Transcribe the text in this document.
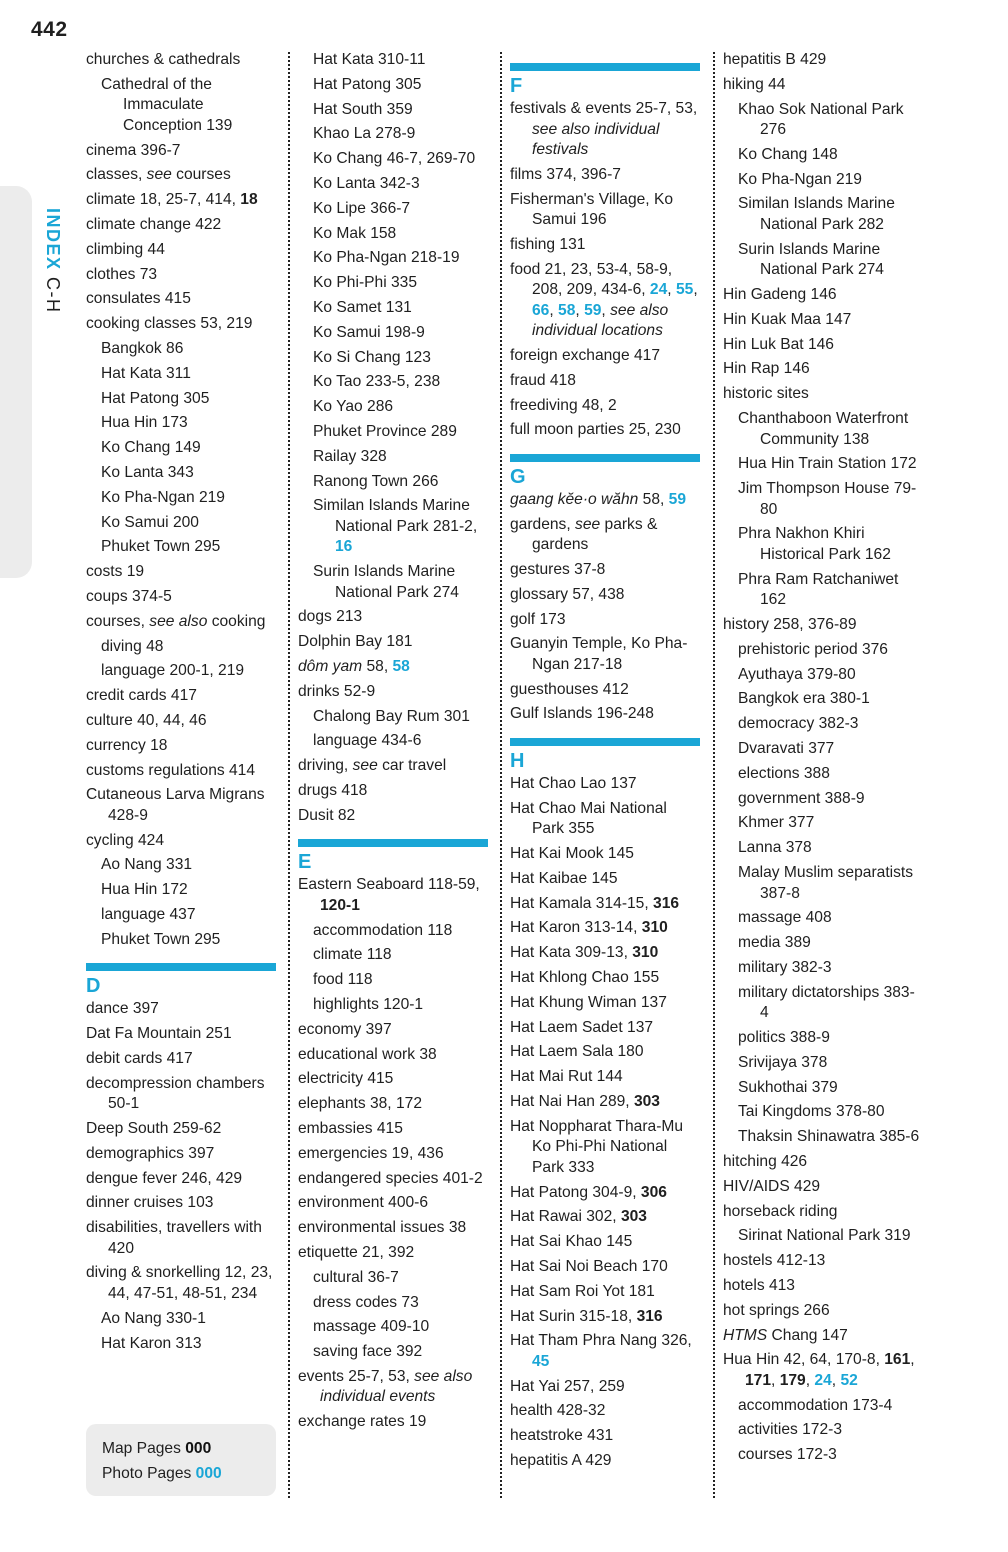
442
INDEX C-H
churches & cathedrals
Cathedral of the Immaculate Conception 139
cinema 396-7
classes, see courses
climate 18, 25-7, 414, 18
climate change 422
climbing 44
clothes 73
consulates 415
cooking classes 53, 219
Bangkok 86
Hat Kata 311
Hat Patong 305
Hua Hin 173
Ko Chang 149
Ko Lanta 343
Ko Pha-Ngan 219
Ko Samui 200
Phuket Town 295
costs 19
coups 374-5
courses, see also cooking
diving 48
language 200-1, 219
credit cards 417
culture 40, 44, 46
currency 18
customs regulations 414
Cutaneous Larva Migrans 428-9
cycling 424
Ao Nang 331
Hua Hin 172
language 437
Phuket Town 295
D
dance 397
Dat Fa Mountain 251
debit cards 417
decompression chambers 50-1
Deep South 259-62
demographics 397
dengue fever 246, 429
dinner cruises 103
disabilities, travellers with 420
diving & snorkelling 12, 23, 44, 47-51, 48-51, 234
Ao Nang 330-1
Hat Karon 313
Hat Kata 310-11
Hat Patong 305
Hat South 359
Khao La 278-9
Ko Chang 46-7, 269-70
Ko Lanta 342-3
Ko Lipe 366-7
Ko Mak 158
Ko Pha-Ngan 218-19
Ko Phi-Phi 335
Ko Samet 131
Ko Samui 198-9
Ko Si Chang 123
Ko Tao 233-5, 238
Ko Yao 286
Phuket Province 289
Railay 328
Ranong Town 266
Similan Islands Marine National Park 281-2, 16
Surin Islands Marine National Park 274
dogs 213
Dolphin Bay 181
dôm yam 58, 58
drinks 52-9
Chalong Bay Rum 301
language 434-6
driving, see car travel
drugs 418
Dusit 82
E
Eastern Seaboard 118-59, 120-1
accommodation 118
climate 118
food 118
highlights 120-1
economy 397
educational work 38
electricity 415
elephants 38, 172
embassies 415
emergencies 19, 436
endangered species 401-2
environment 400-6
environmental issues 38
etiquette 21, 392
cultural 36-7
dress codes 73
massage 409-10
saving face 392
events 25-7, 53, see also individual events
exchange rates 19
F
festivals & events 25-7, 53, see also individual festivals
films 374, 396-7
Fisherman's Village, Ko Samui 196
fishing 131
food 21, 23, 53-4, 58-9, 208, 209, 434-6, 24, 55, 66, 58, 59, see also individual locations
foreign exchange 417
fraud 418
freediving 48, 2
full moon parties 25, 230
G
gaang kĕe·o wăhn 58, 59
gardens, see parks & gardens
gestures 37-8
glossary 57, 438
golf 173
Guanyin Temple, Ko Pha-Ngan 217-18
guesthouses 412
Gulf Islands 196-248
H
Hat Chao Lao 137
Hat Chao Mai National Park 355
Hat Kai Mook 145
Hat Kaibae 145
Hat Kamala 314-15, 316
Hat Karon 313-14, 310
Hat Kata 309-13, 310
Hat Khlong Chao 155
Hat Khung Wiman 137
Hat Laem Sadet 137
Hat Laem Sala 180
Hat Mai Rut 144
Hat Nai Han 289, 303
Hat Noppharat Thara-Mu Ko Phi-Phi National Park 333
Hat Patong 304-9, 306
Hat Rawai 302, 303
Hat Sai Khao 145
Hat Sai Noi Beach 170
Hat Sam Roi Yot 181
Hat Surin 315-18, 316
Hat Tham Phra Nang 326, 45
Hat Yai 257, 259
health 428-32
heatstroke 431
hepatitis A 429
hepatitis B 429
hiking 44
Khao Sok National Park 276
Ko Chang 148
Ko Pha-Ngan 219
Similan Islands Marine National Park 282
Surin Islands Marine National Park 274
Hin Gadeng 146
Hin Kuak Maa 147
Hin Luk Bat 146
Hin Rap 146
historic sites
Chanthaboon Waterfront Community 138
Hua Hin Train Station 172
Jim Thompson House 79-80
Phra Nakhon Khiri Historical Park 162
Phra Ram Ratchaniwet 162
history 258, 376-89
prehistoric period 376
Ayuthaya 379-80
Bangkok era 380-1
democracy 382-3
Dvaravati 377
elections 388
government 388-9
Khmer 377
Lanna 378
Malay Muslim separatists 387-8
massage 408
media 389
military 382-3
military dictatorships 383-4
politics 388-9
Srivijaya 378
Sukhothai 379
Tai Kingdoms 378-80
Thaksin Shinawatra 385-6
hitching 426
HIV/AIDS 429
horseback riding
Sirinat National Park 319
hostels 412-13
hotels 413
hot springs 266
HTMS Chang 147
Hua Hin 42, 64, 170-8, 161, 171, 179, 24, 52
accommodation 173-4
activities 172-3
courses 172-3
Map Pages 000
Photo Pages 000
